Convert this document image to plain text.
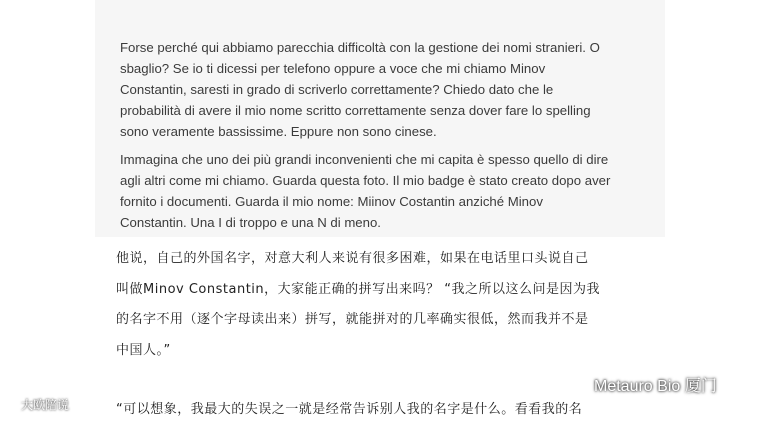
Forse perché qui abbiamo parecchia difficoltà con la gestione dei nomi stranieri. O
sbaglio? Se io ti dicessi per telefono oppure a voce che mi chiamo Minov
Constantin, saresti in grado di scriverlo correttamente? Chiedo dato che le
probabilità di avere il mio nome scritto correttamente senza dover fare lo spelling
sono veramente bassissime. Eppure non sono cinese.
Immagina che uno dei più grandi inconvenienti che mi capita è spesso quello di dire
agli altri come mi chiamo. Guarda questa foto. Il mio badge è stato creato dopo aver
fornito i documenti. Guarda il mio nome: Miinov Costantin anziché Minov
Constantin. Una I di troppo e una N di meno.
他说，自己的外国名字，对意大利人来说有很多困难，如果在电话里口头说自己
叫做Minov Constantin，大家能正确的拼写出来吗？ “我之所以这么问是因为我
的名字不用（逐个字母读出来）拼写，就能拼对的几率确实很低，然而我并不是
中国人。”
“可以想象，我最大的失误之一就是经常告诉别人我的名字是什么。看看我的名
大欧陪说
Metauro Bio 厦门
